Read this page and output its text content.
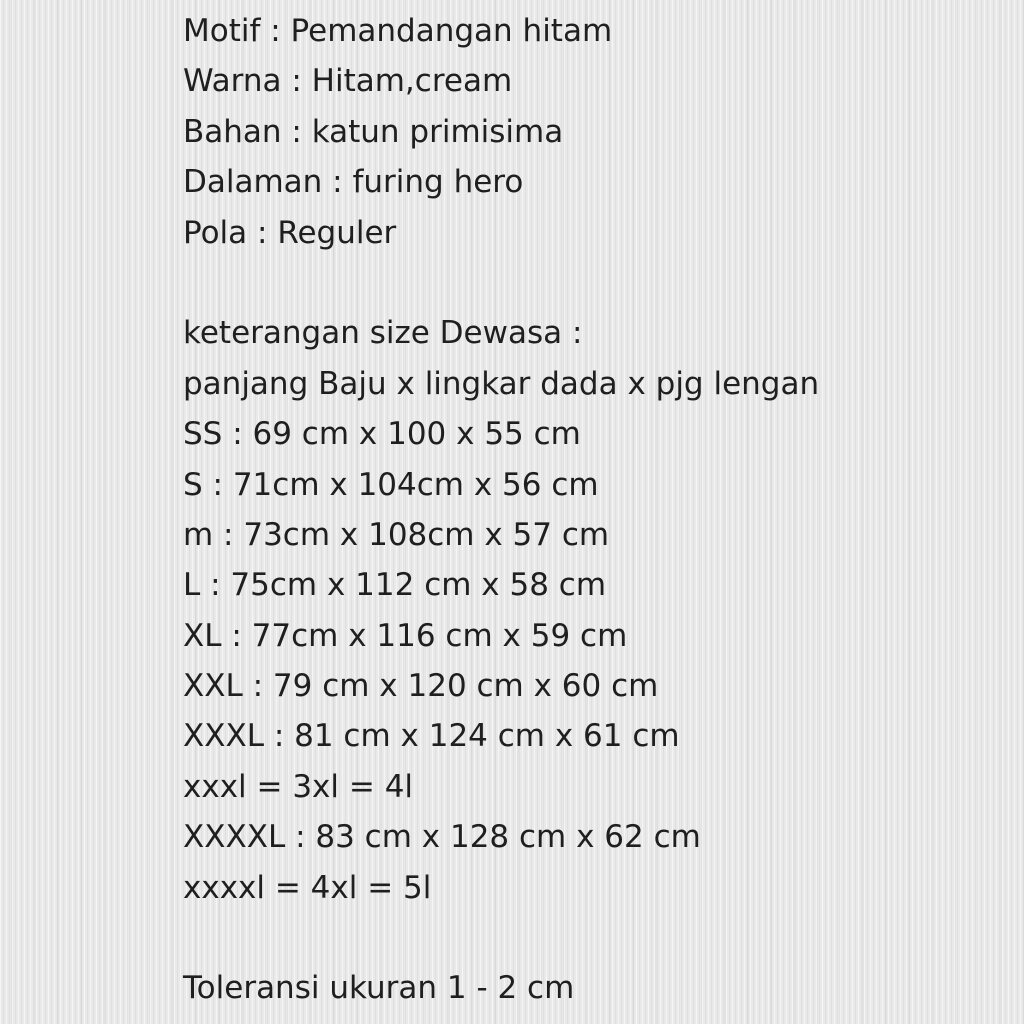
Motif : Pemandangan hitam
Warna : Hitam,cream
Bahan : katun primisima
Dalaman : furing hero
Pola : Reguler
keterangan size Dewasa :
panjang Baju x lingkar dada x pjg lengan
SS : 69 cm x 100 x 55 cm
S : 71cm x 104cm x 56 cm
m : 73cm x 108cm x 57 cm
L : 75cm x 112 cm x 58 cm
XL : 77cm x 116 cm x 59 cm
XXL : 79 cm x 120 cm x 60 cm
XXXL : 81 cm x 124 cm x 61 cm
xxxl = 3xl = 4l
XXXXL : 83 cm x 128 cm x 62 cm
xxxxl = 4xl = 5l
Toleransi ukuran 1 - 2 cm
